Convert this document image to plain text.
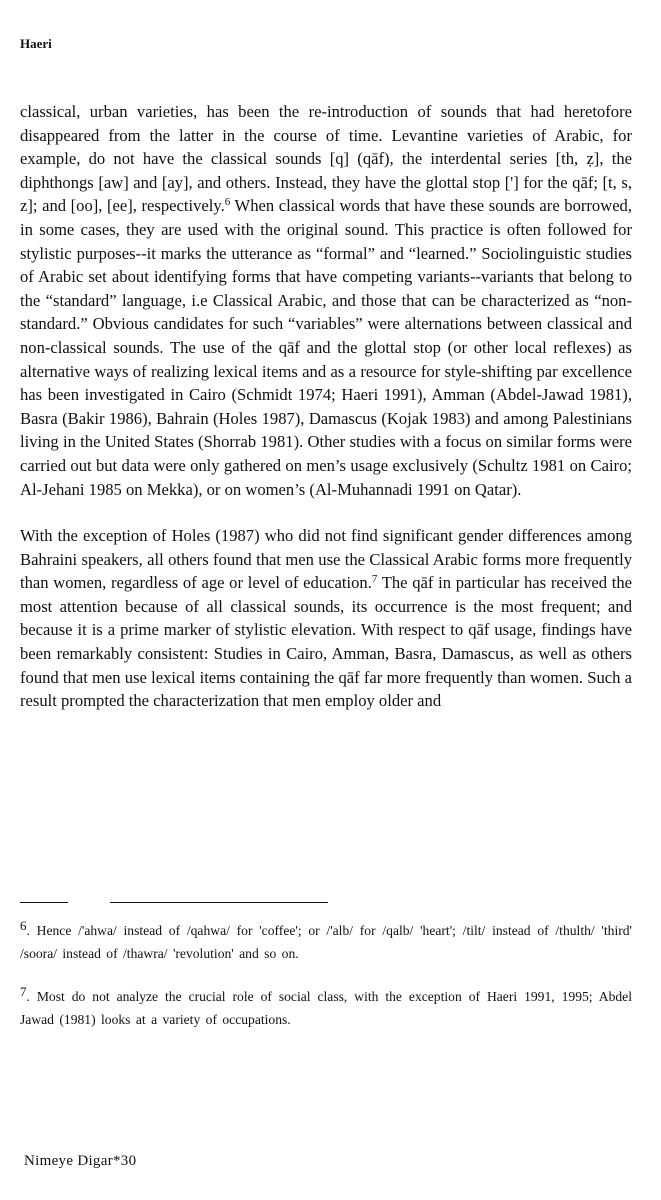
Haeri

classical, urban varieties, has been the re-introduction of sounds that had heretofore disappeared from the latter in the course of time. Levantine varieties of Arabic, for example, do not have the classical sounds [q] (qāf), the interdental series [th, ẓ], the diphthongs [aw] and [ay], and others. Instead, they have the glottal stop ['] for the qāf; [t, s, z]; and [oo], [ee], respectively.$^6$ When classical words that have these sounds are borrowed, in some cases, they are used with the original sound. This practice is often followed for stylistic purposes--it marks the utterance as “formal” and “learned.” Sociolinguistic studies of Arabic set about identifying forms that have competing variants--variants that belong to the “standard” language, i.e Classical Arabic, and those that can be characterized as “non-standard.” Obvious candidates for such “variables” were alternations between classical and non-classical sounds. The use of the qāf and the glottal stop (or other local reflexes) as alternative ways of realizing lexical items and as a resource for style-shifting par excellence has been investigated in Cairo (Schmidt 1974; Haeri 1991), Amman (Abdel-Jawad 1981), Basra (Bakir 1986), Bahrain (Holes 1987), Damascus (Kojak 1983) and among Palestinians living in the United States (Shorrab 1981). Other studies with a focus on similar forms were carried out but data were only gathered on men’s usage exclusively (Schultz 1981 on Cairo; Al-Jehani 1985 on Mekka), or on women’s (Al-Muhannadi 1991 on Qatar).

With the exception of Holes (1987) who did not find significant gender differences among Bahraini speakers, all others found that men use the Classical Arabic forms more frequently than women, regardless of age or level of education.$^7$ The qāf in particular has received the most attention because of all classical sounds, its occurrence is the most frequent; and because it is a prime marker of stylistic elevation. With respect to qāf usage, findings have been remarkably consistent: Studies in Cairo, Amman, Basra, Damascus, as well as others found that men use lexical items containing the qāf far more frequently than women. Such a result prompted the characterization that men employ older and

$^6$. Hence /'ahwa/ instead of /qahwa/ for 'coffee'; or /'alb/ for /qalb/ 'heart'; /tilt/ instead of /thulth/ 'third' /soora/ instead of /thawra/ 'revolution' and so on.

$^7$. Most do not analyze the crucial role of social class, with the exception of Haeri 1991, 1995; Abdel Jawad (1981) looks at a variety of occupations.

Nimeye Digar*30
